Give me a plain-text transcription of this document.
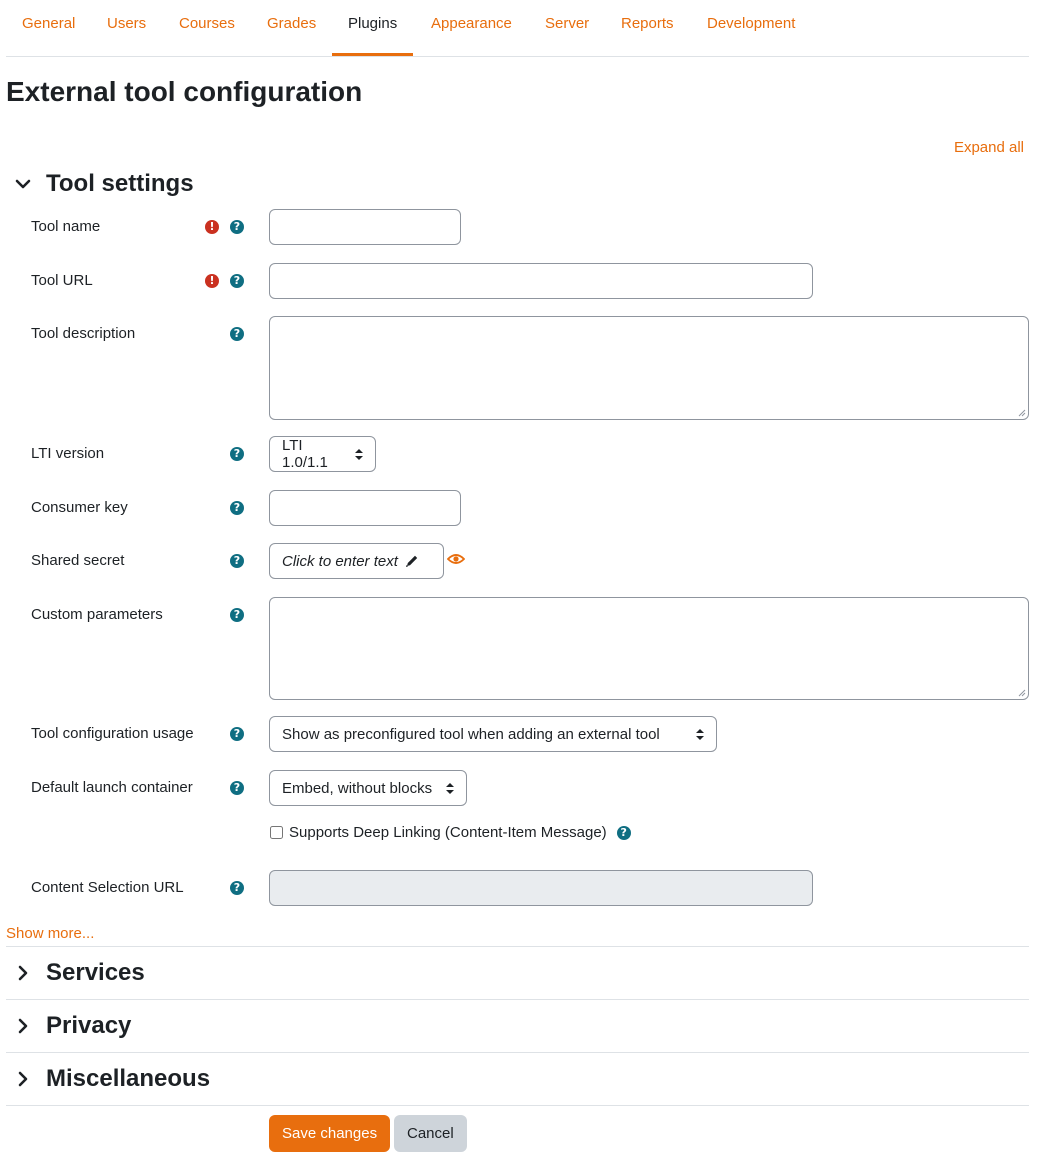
General	Users	Courses	Grades	Plugins	Appearance	Server	Reports	Development
External tool configuration
Expand all
Tool settings
Tool name	!	?
Tool URL	!	?
Tool description	?
LTI version	?	LTI 1.0/1.1
Consumer key	?
Shared secret	?	Click to enter text
Custom parameters	?
Tool configuration usage	?	Show as preconfigured tool when adding an external tool
Default launch container	?	Embed, without blocks
Supports Deep Linking (Content-Item Message)	?
Content Selection URL	?
Show more...
Services
Privacy
Miscellaneous
Save changes	Cancel
